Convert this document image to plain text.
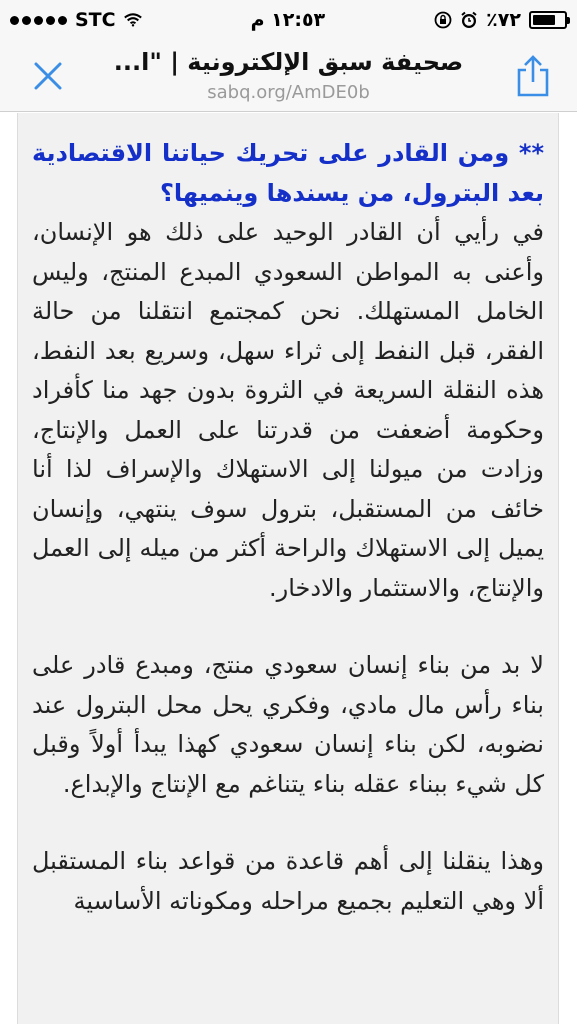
STC	١٢:٥٣ م	٪٧٢
صحيفة سبق الإلكترونية | "ا...
sabq.org/AmDE0b

** ومن القادر على تحريك حياتنا الاقتصادية بعد البترول، من يسندها وينميها؟

في رأيي أن القادر الوحيد على ذلك هو الإنسان، وأعنى به المواطن السعودي المبدع المنتج، وليس الخامل المستهلك. نحن كمجتمع انتقلنا من حالة الفقر، قبل النفط إلى ثراء سهل، وسريع بعد النفط، هذه النقلة السريعة في الثروة بدون جهد منا كأفراد وحكومة أضعفت من قدرتنا على العمل والإنتاج، وزادت من ميولنا إلى الاستهلاك والإسراف لذا أنا خائف من المستقبل، بترول سوف ينتهي، وإنسان يميل إلى الاستهلاك والراحة أكثر من ميله إلى العمل والإنتاج، والاستثمار والادخار.

لا بد من بناء إنسان سعودي منتج، ومبدع قادر على بناء رأس مال مادي، وفكري يحل محل البترول عند نضوبه، لكن بناء إنسان سعودي كهذا يبدأ أولاً وقبل كل شيء ببناء عقله بناء يتناغم مع الإنتاج والإبداع.

وهذا ينقلنا إلى أهم قاعدة من قواعد بناء المستقبل ألا وهي التعليم بجميع مراحله ومكوناته الأساسية
